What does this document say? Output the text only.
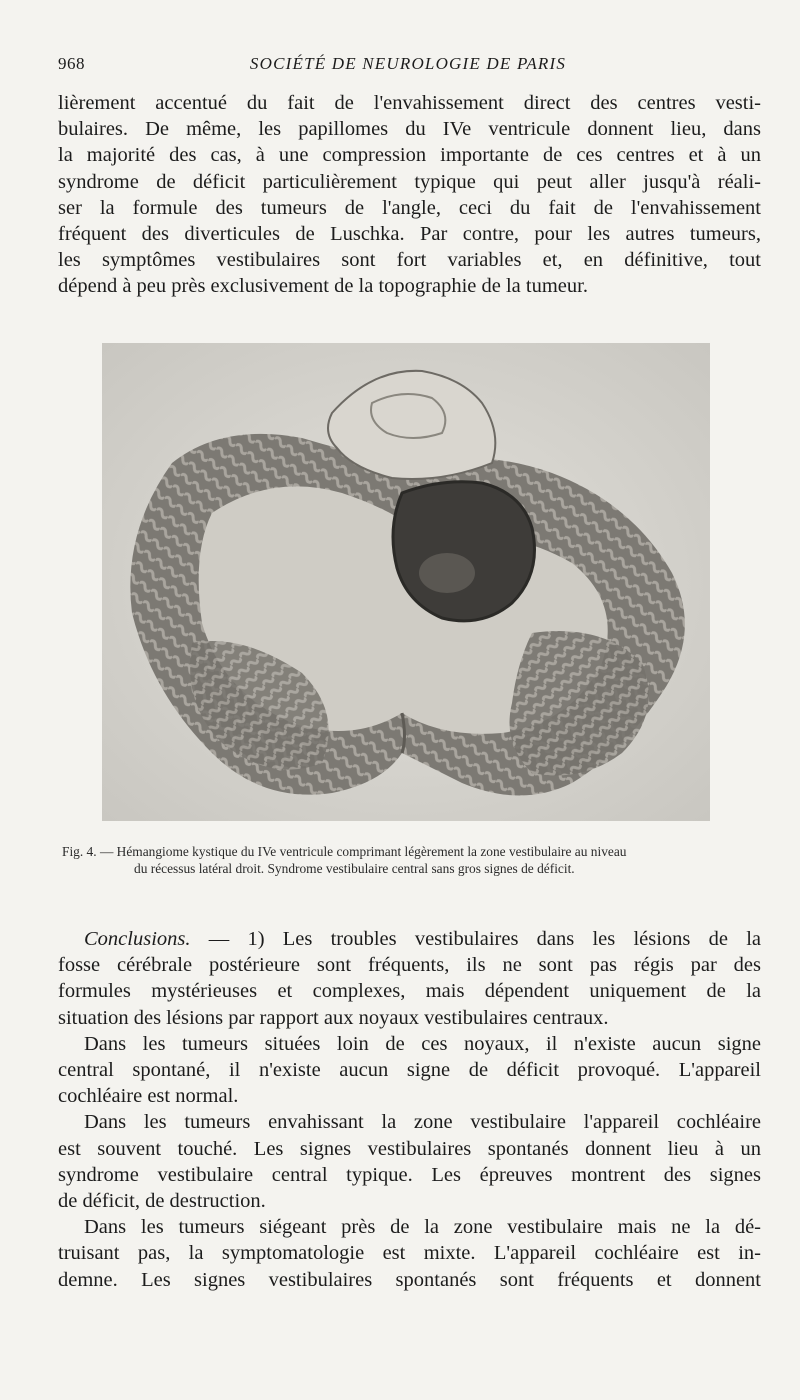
968	SOCIÉTÉ DE NEUROLOGIE DE PARIS
lièrement accentué du fait de l'envahissement direct des centres vesti-
bulaires. De même, les papillomes du IVe ventricule donnent lieu, dans
la majorité des cas, à une compression importante de ces centres et à un
syndrome de déficit particulièrement typique qui peut aller jusqu'à réali-
ser la formule des tumeurs de l'angle, ceci du fait de l'envahissement
fréquent des diverticules de Luschka. Par contre, pour les autres tumeurs,
les symptômes vestibulaires sont fort variables et, en définitive, tout
dépend à peu près exclusivement de la topographie de la tumeur.
Fig. 4. — Hémangiome kystique du IVe ventricule comprimant légèrement la zone vestibulaire au niveau
du récessus latéral droit. Syndrome vestibulaire central sans gros signes de déficit.
Conclusions. — 1) Les troubles vestibulaires dans les lésions de la
fosse cérébrale postérieure sont fréquents, ils ne sont pas régis par des
formules mystérieuses et complexes, mais dépendent uniquement de la
situation des lésions par rapport aux noyaux vestibulaires centraux.
Dans les tumeurs situées loin de ces noyaux, il n'existe aucun signe
central spontané, il n'existe aucun signe de déficit provoqué. L'appareil
cochléaire est normal.
Dans les tumeurs envahissant la zone vestibulaire l'appareil cochléaire
est souvent touché. Les signes vestibulaires spontanés donnent lieu à un
syndrome vestibulaire central typique. Les épreuves montrent des signes
de déficit, de destruction.
Dans les tumeurs siégeant près de la zone vestibulaire mais ne la dé-
truisant pas, la symptomatologie est mixte. L'appareil cochléaire est in-
demne. Les signes vestibulaires spontanés sont fréquents et donnent
